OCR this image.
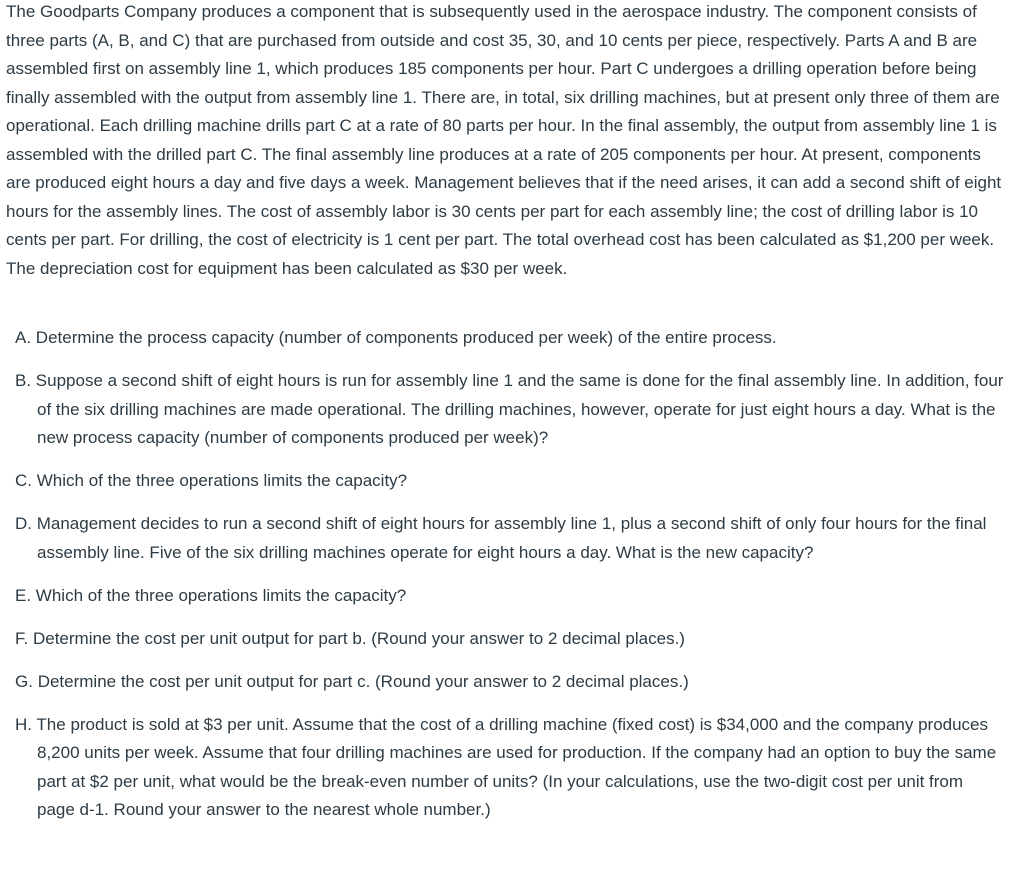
The Goodparts Company produces a component that is subsequently used in the aerospace industry. The component consists of three parts (A, B, and C) that are purchased from outside and cost 35, 30, and 10 cents per piece, respectively. Parts A and B are assembled first on assembly line 1, which produces 185 components per hour. Part C undergoes a drilling operation before being finally assembled with the output from assembly line 1. There are, in total, six drilling machines, but at present only three of them are operational. Each drilling machine drills part C at a rate of 80 parts per hour. In the final assembly, the output from assembly line 1 is assembled with the drilled part C. The final assembly line produces at a rate of 205 components per hour. At present, components are produced eight hours a day and five days a week. Management believes that if the need arises, it can add a second shift of eight hours for the assembly lines. The cost of assembly labor is 30 cents per part for each assembly line; the cost of drilling labor is 10 cents per part. For drilling, the cost of electricity is 1 cent per part. The total overhead cost has been calculated as $1,200 per week. The depreciation cost for equipment has been calculated as $30 per week.

A. Determine the process capacity (number of components produced per week) of the entire process.
B. Suppose a second shift of eight hours is run for assembly line 1 and the same is done for the final assembly line. In addition, four of the six drilling machines are made operational. The drilling machines, however, operate for just eight hours a day. What is the new process capacity (number of components produced per week)?
C. Which of the three operations limits the capacity?
D. Management decides to run a second shift of eight hours for assembly line 1, plus a second shift of only four hours for the final assembly line. Five of the six drilling machines operate for eight hours a day. What is the new capacity?
E. Which of the three operations limits the capacity?
F. Determine the cost per unit output for part b. (Round your answer to 2 decimal places.)
G. Determine the cost per unit output for part c. (Round your answer to 2 decimal places.)
H. The product is sold at $3 per unit. Assume that the cost of a drilling machine (fixed cost) is $34,000 and the company produces 8,200 units per week. Assume that four drilling machines are used for production. If the company had an option to buy the same part at $2 per unit, what would be the break-even number of units? (In your calculations, use the two-digit cost per unit from page d-1. Round your answer to the nearest whole number.)
